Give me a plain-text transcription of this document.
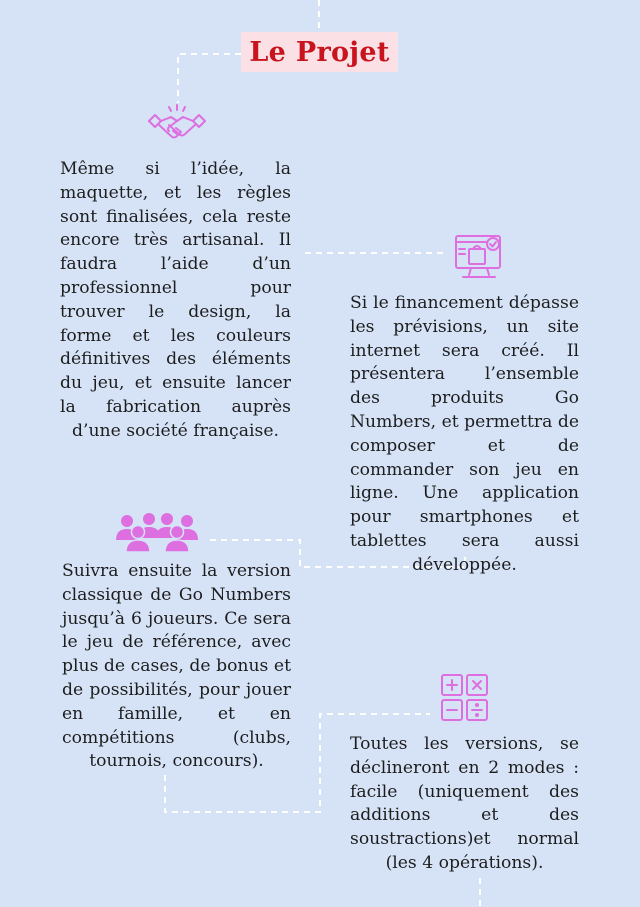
Le Projet

Même si l’idée, la maquette, et les règles sont finalisées, cela reste encore très artisanal. Il faudra l’aide d’un professionnel pour trouver le design, la forme et les couleurs définitives des éléments du jeu, et ensuite lancer la fabrication auprès d’une société française.

Si le financement dépasse les prévisions, un site internet sera créé. Il présentera l’ensemble des produits Go Numbers, et permettra de composer et de commander son jeu en ligne. Une application pour smartphones et tablettes sera aussi développée.

Suivra ensuite la version classique de Go Numbers jusqu’à 6 joueurs. Ce sera le jeu de référence, avec plus de cases, de bonus et de possibilités, pour jouer en famille, et en compétitions (clubs, tournois, concours).

Toutes les versions, se déclineront en 2 modes : facile (uniquement des additions et des soustractions)et normal (les 4 opérations).
